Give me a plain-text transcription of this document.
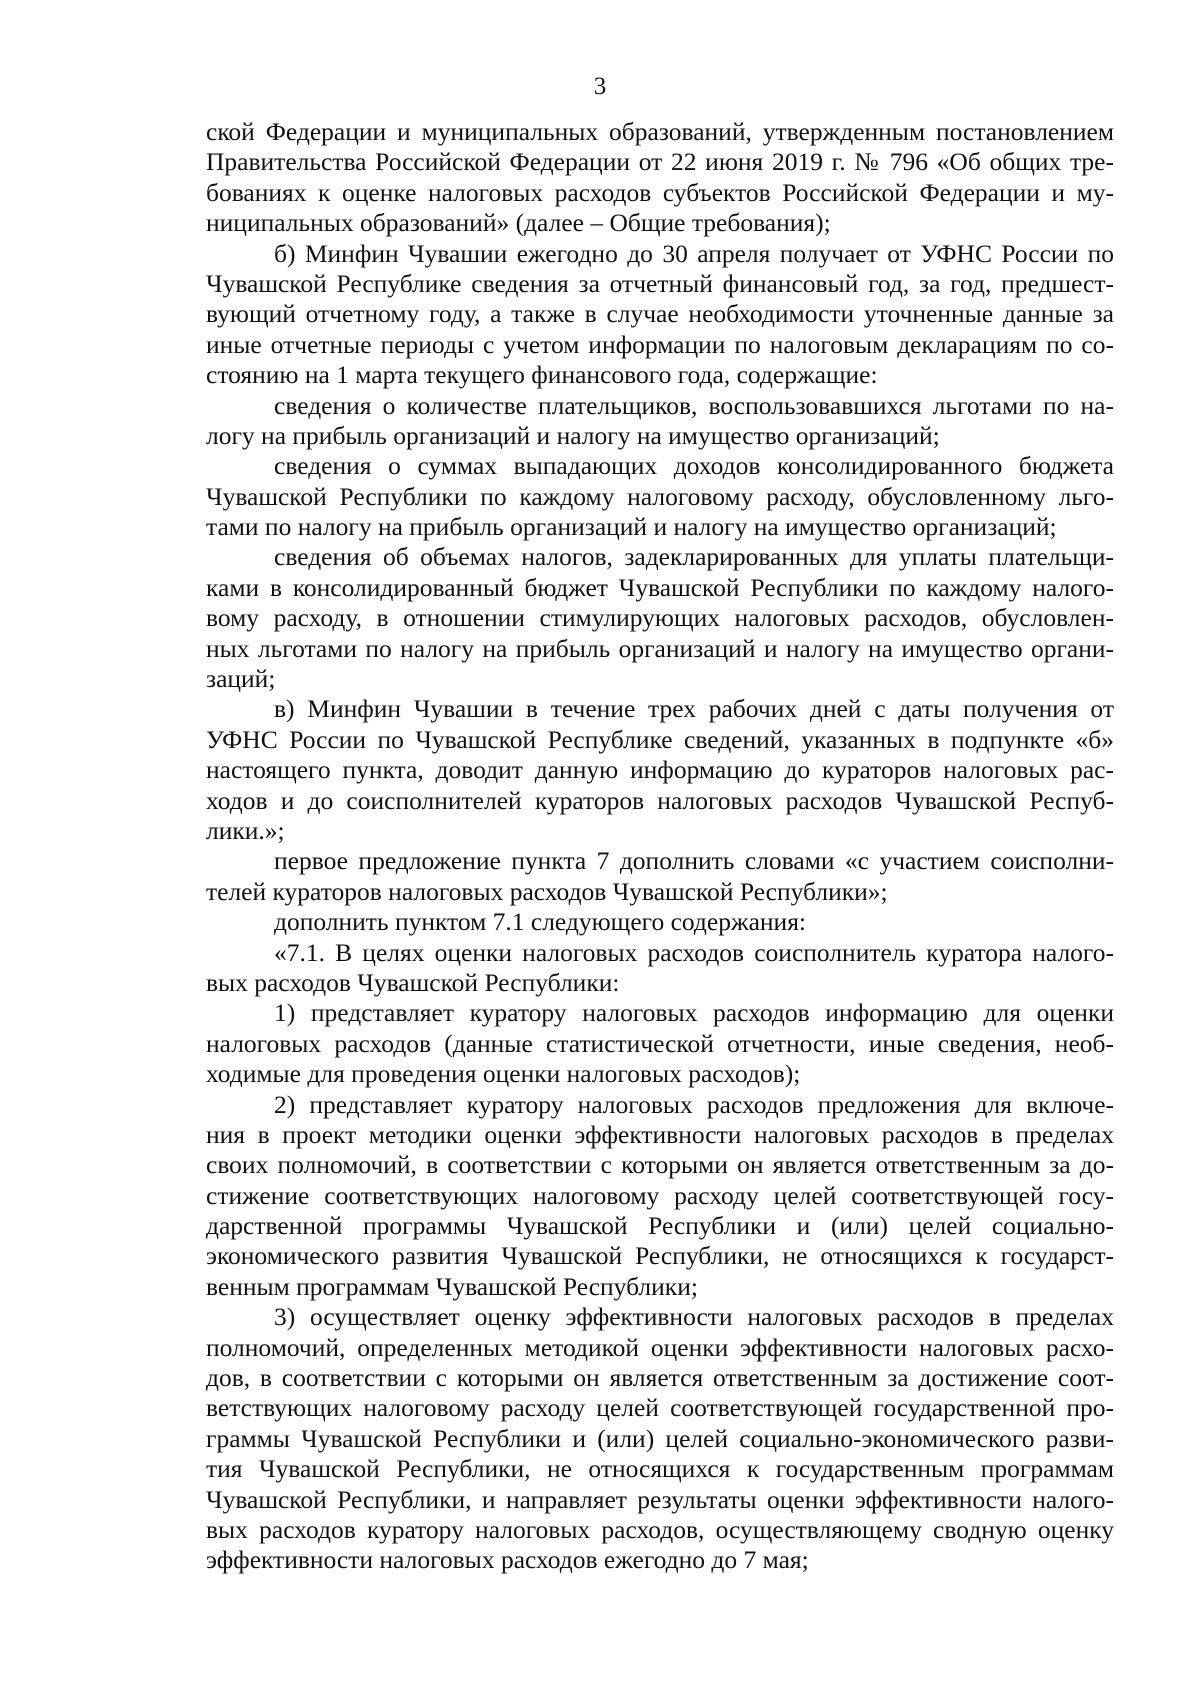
3
ской Федерации и муниципальных образований, утвержденным постановлением
Правительства Российской Федерации от 22 июня 2019 г. № 796 «Об общих тре-
бованиях к оценке налоговых расходов субъектов Российской Федерации и му-
ниципальных образований» (далее – Общие требования);
б) Минфин Чувашии ежегодно до 30 апреля получает от УФНС России по
Чувашской Республике сведения за отчетный финансовый год, за год, предшест-
вующий отчетному году, а также в случае необходимости уточненные данные за
иные отчетные периоды с учетом информации по налоговым декларациям по со-
стоянию на 1 марта текущего финансового года, содержащие:
сведения о количестве плательщиков, воспользовавшихся льготами по на-
логу на прибыль организаций и налогу на имущество организаций;
сведения о суммах выпадающих доходов консолидированного бюджета
Чувашской Республики по каждому налоговому расходу, обусловленному льго-
тами по налогу на прибыль организаций и налогу на имущество организаций;
сведения об объемах налогов, задекларированных для уплаты плательщи-
ками в консолидированный бюджет Чувашской Республики по каждому налого-
вому расходу, в отношении стимулирующих налоговых расходов, обусловлен-
ных льготами по налогу на прибыль организаций и налогу на имущество органи-
заций;
в) Минфин Чувашии в течение трех рабочих дней с даты получения от
УФНС России по Чувашской Республике сведений, указанных в подпункте «б»
настоящего пункта, доводит данную информацию до кураторов налоговых рас-
ходов и до соисполнителей кураторов налоговых расходов Чувашской Респуб-
лики.»;
первое предложение пункта 7 дополнить словами «с участием соисполни-
телей кураторов налоговых расходов Чувашской Республики»;
дополнить пунктом 7.1 следующего содержания:
«7.1. В целях оценки налоговых расходов соисполнитель куратора налого-
вых расходов Чувашской Республики:
1) представляет куратору налоговых расходов информацию для оценки
налоговых расходов (данные статистической отчетности, иные сведения, необ-
ходимые для проведения оценки налоговых расходов);
2) представляет куратору налоговых расходов предложения для включе-
ния в проект методики оценки эффективности налоговых расходов в пределах
своих полномочий, в соответствии с которыми он является ответственным за до-
стижение соответствующих налоговому расходу целей соответствующей госу-
дарственной программы Чувашской Республики и (или) целей социально-
экономического развития Чувашской Республики, не относящихся к государст-
венным программам Чувашской Республики;
3) осуществляет оценку эффективности налоговых расходов в пределах
полномочий, определенных методикой оценки эффективности налоговых расхо-
дов, в соответствии с которыми он является ответственным за достижение соот-
ветствующих налоговому расходу целей соответствующей государственной про-
граммы Чувашской Республики и (или) целей социально-экономического разви-
тия Чувашской Республики, не относящихся к государственным программам
Чувашской Республики, и направляет результаты оценки эффективности налого-
вых расходов куратору налоговых расходов, осуществляющему сводную оценку
эффективности налоговых расходов ежегодно до 7 мая;
